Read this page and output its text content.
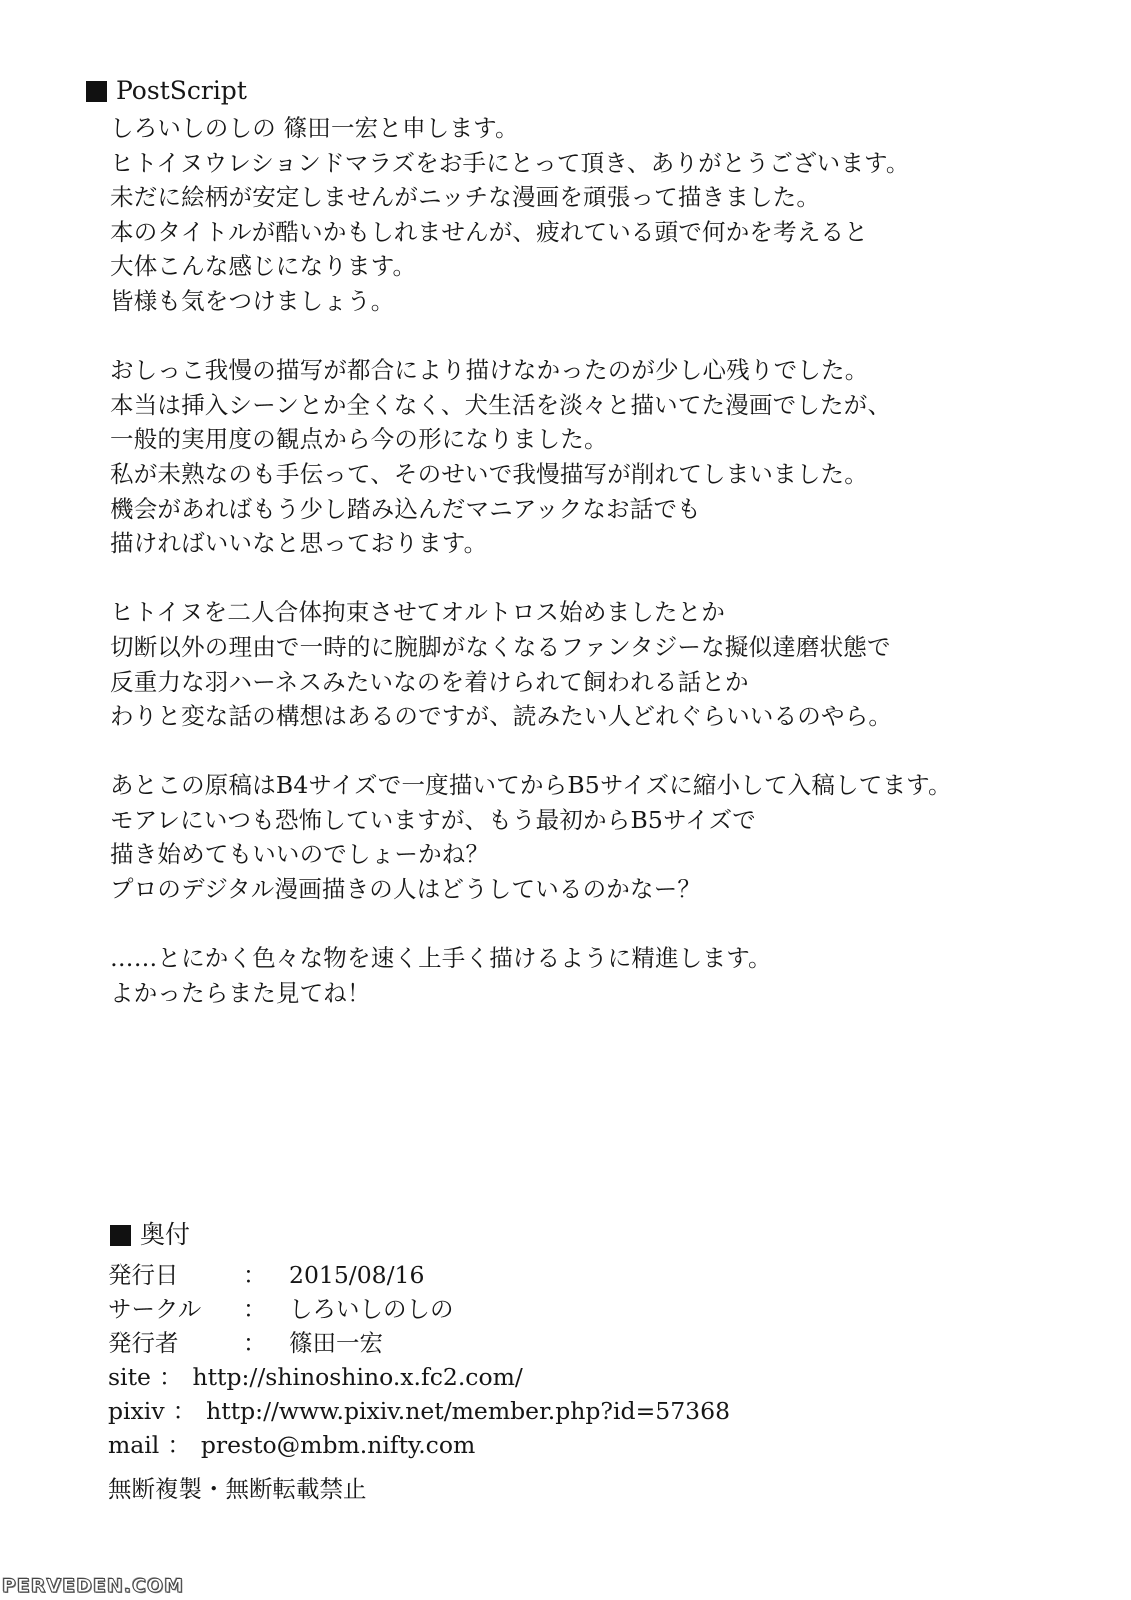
PostScript
しろいしのしの 篠田一宏と申します。
ヒトイヌウレションドマラズをお手にとって頂き、ありがとうございます。
未だに絵柄が安定しませんがニッチな漫画を頑張って描きました。
本のタイトルが酷いかもしれませんが、疲れている頭で何かを考えると
大体こんな感じになります。
皆様も気をつけましょう。
おしっこ我慢の描写が都合により描けなかったのが少し心残りでした。
本当は挿入シーンとか全くなく、犬生活を淡々と描いてた漫画でしたが、
一般的実用度の観点から今の形になりました。
私が未熟なのも手伝って、そのせいで我慢描写が削れてしまいました。
機会があればもう少し踏み込んだマニアックなお話でも
描ければいいなと思っております。
ヒトイヌを二人合体拘束させてオルトロス始めましたとか
切断以外の理由で一時的に腕脚がなくなるファンタジーな擬似達磨状態で
反重力な羽ハーネスみたいなのを着けられて飼われる話とか
わりと変な話の構想はあるのですが、読みたい人どれぐらいいるのやら。
あとこの原稿はB4サイズで一度描いてからB5サイズに縮小して入稿してます。
モアレにいつも恐怖していますが、もう最初からB5サイズで
描き始めてもいいのでしょーかね？
プロのデジタル漫画描きの人はどうしているのかなー？
……とにかく色々な物を速く上手く描けるように精進します。
よかったらまた見てね！
奥付
発行日	： 2015/08/16
サークル ： しろいしのしの
発行者	： 篠田一宏
site ： http://shinoshino.x.fc2.com/
pixiv ： http://www.pixiv.net/member.php?id=57368
mail ： presto@mbm.nifty.com
無断複製・無断転載禁止
PERVEDEN.COM
